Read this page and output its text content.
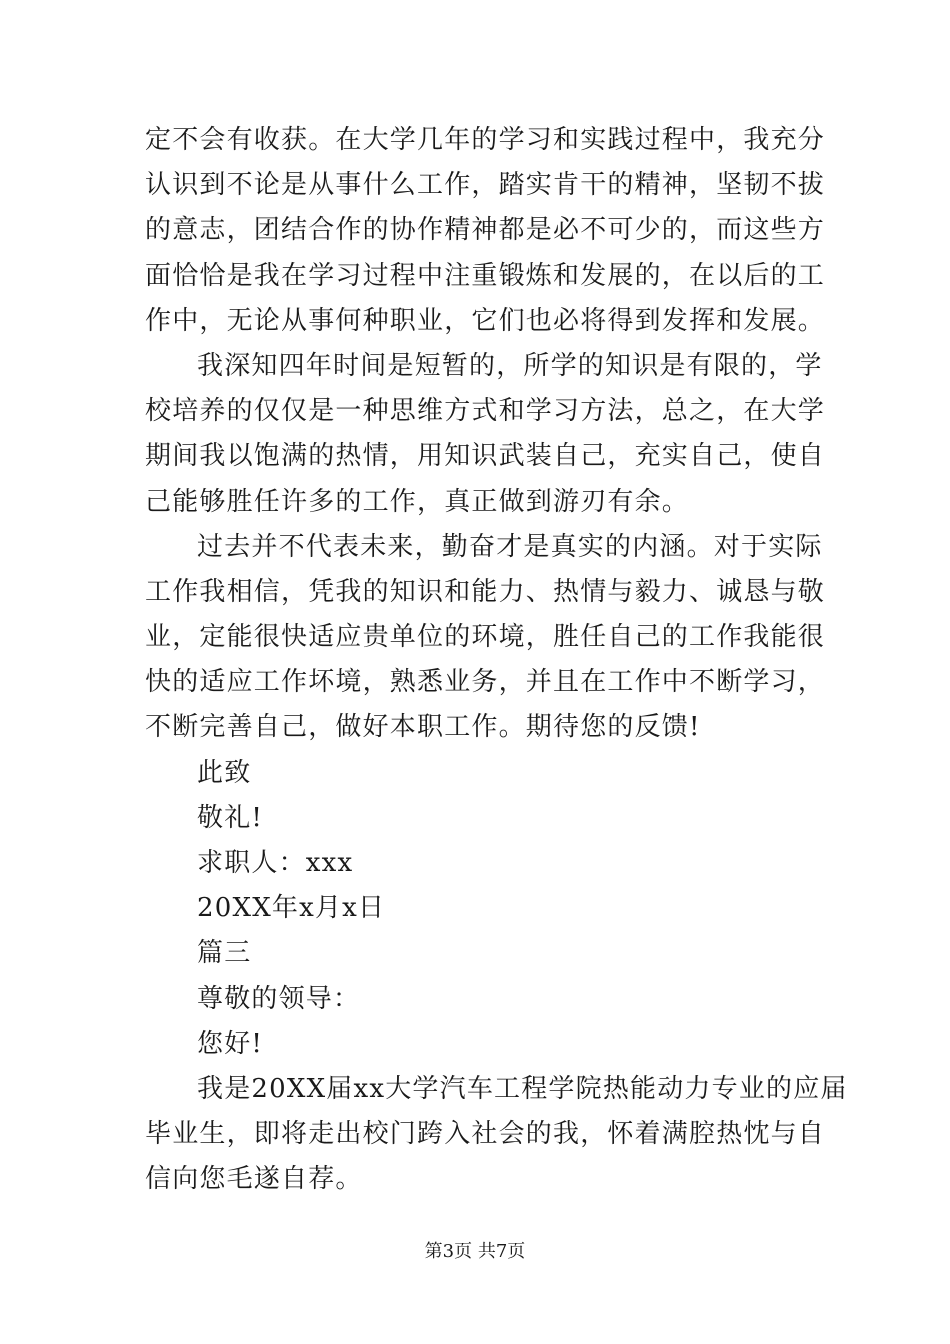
定不会有收获。在大学几年的学习和实践过程中，我充分
认识到不论是从事什么工作，踏实肯干的精神，坚韧不拔
的意志，团结合作的协作精神都是必不可少的，而这些方
面恰恰是我在学习过程中注重锻炼和发展的，在以后的工
作中，无论从事何种职业，它们也必将得到发挥和发展。
我深知四年时间是短暂的，所学的知识是有限的，学
校培养的仅仅是一种思维方式和学习方法，总之，在大学
期间我以饱满的热情，用知识武装自己，充实自己，使自
己能够胜任许多的工作，真正做到游刃有余。
过去并不代表未来，勤奋才是真实的内涵。对于实际
工作我相信，凭我的知识和能力、热情与毅力、诚恳与敬
业，定能很快适应贵单位的环境，胜任自己的工作我能很
快的适应工作坏境，熟悉业务，并且在工作中不断学习，
不断完善自己，做好本职工作。期待您的反馈!
此致
敬礼!
求职人：xxx
20XX年x月x日
篇三
尊敬的领导：
您好!
我是20XX届xx大学汽车工程学院热能动力专业的应届
毕业生，即将走出校门跨入社会的我，怀着满腔热忱与自
信向您毛遂自荐。
第3页 共7页
